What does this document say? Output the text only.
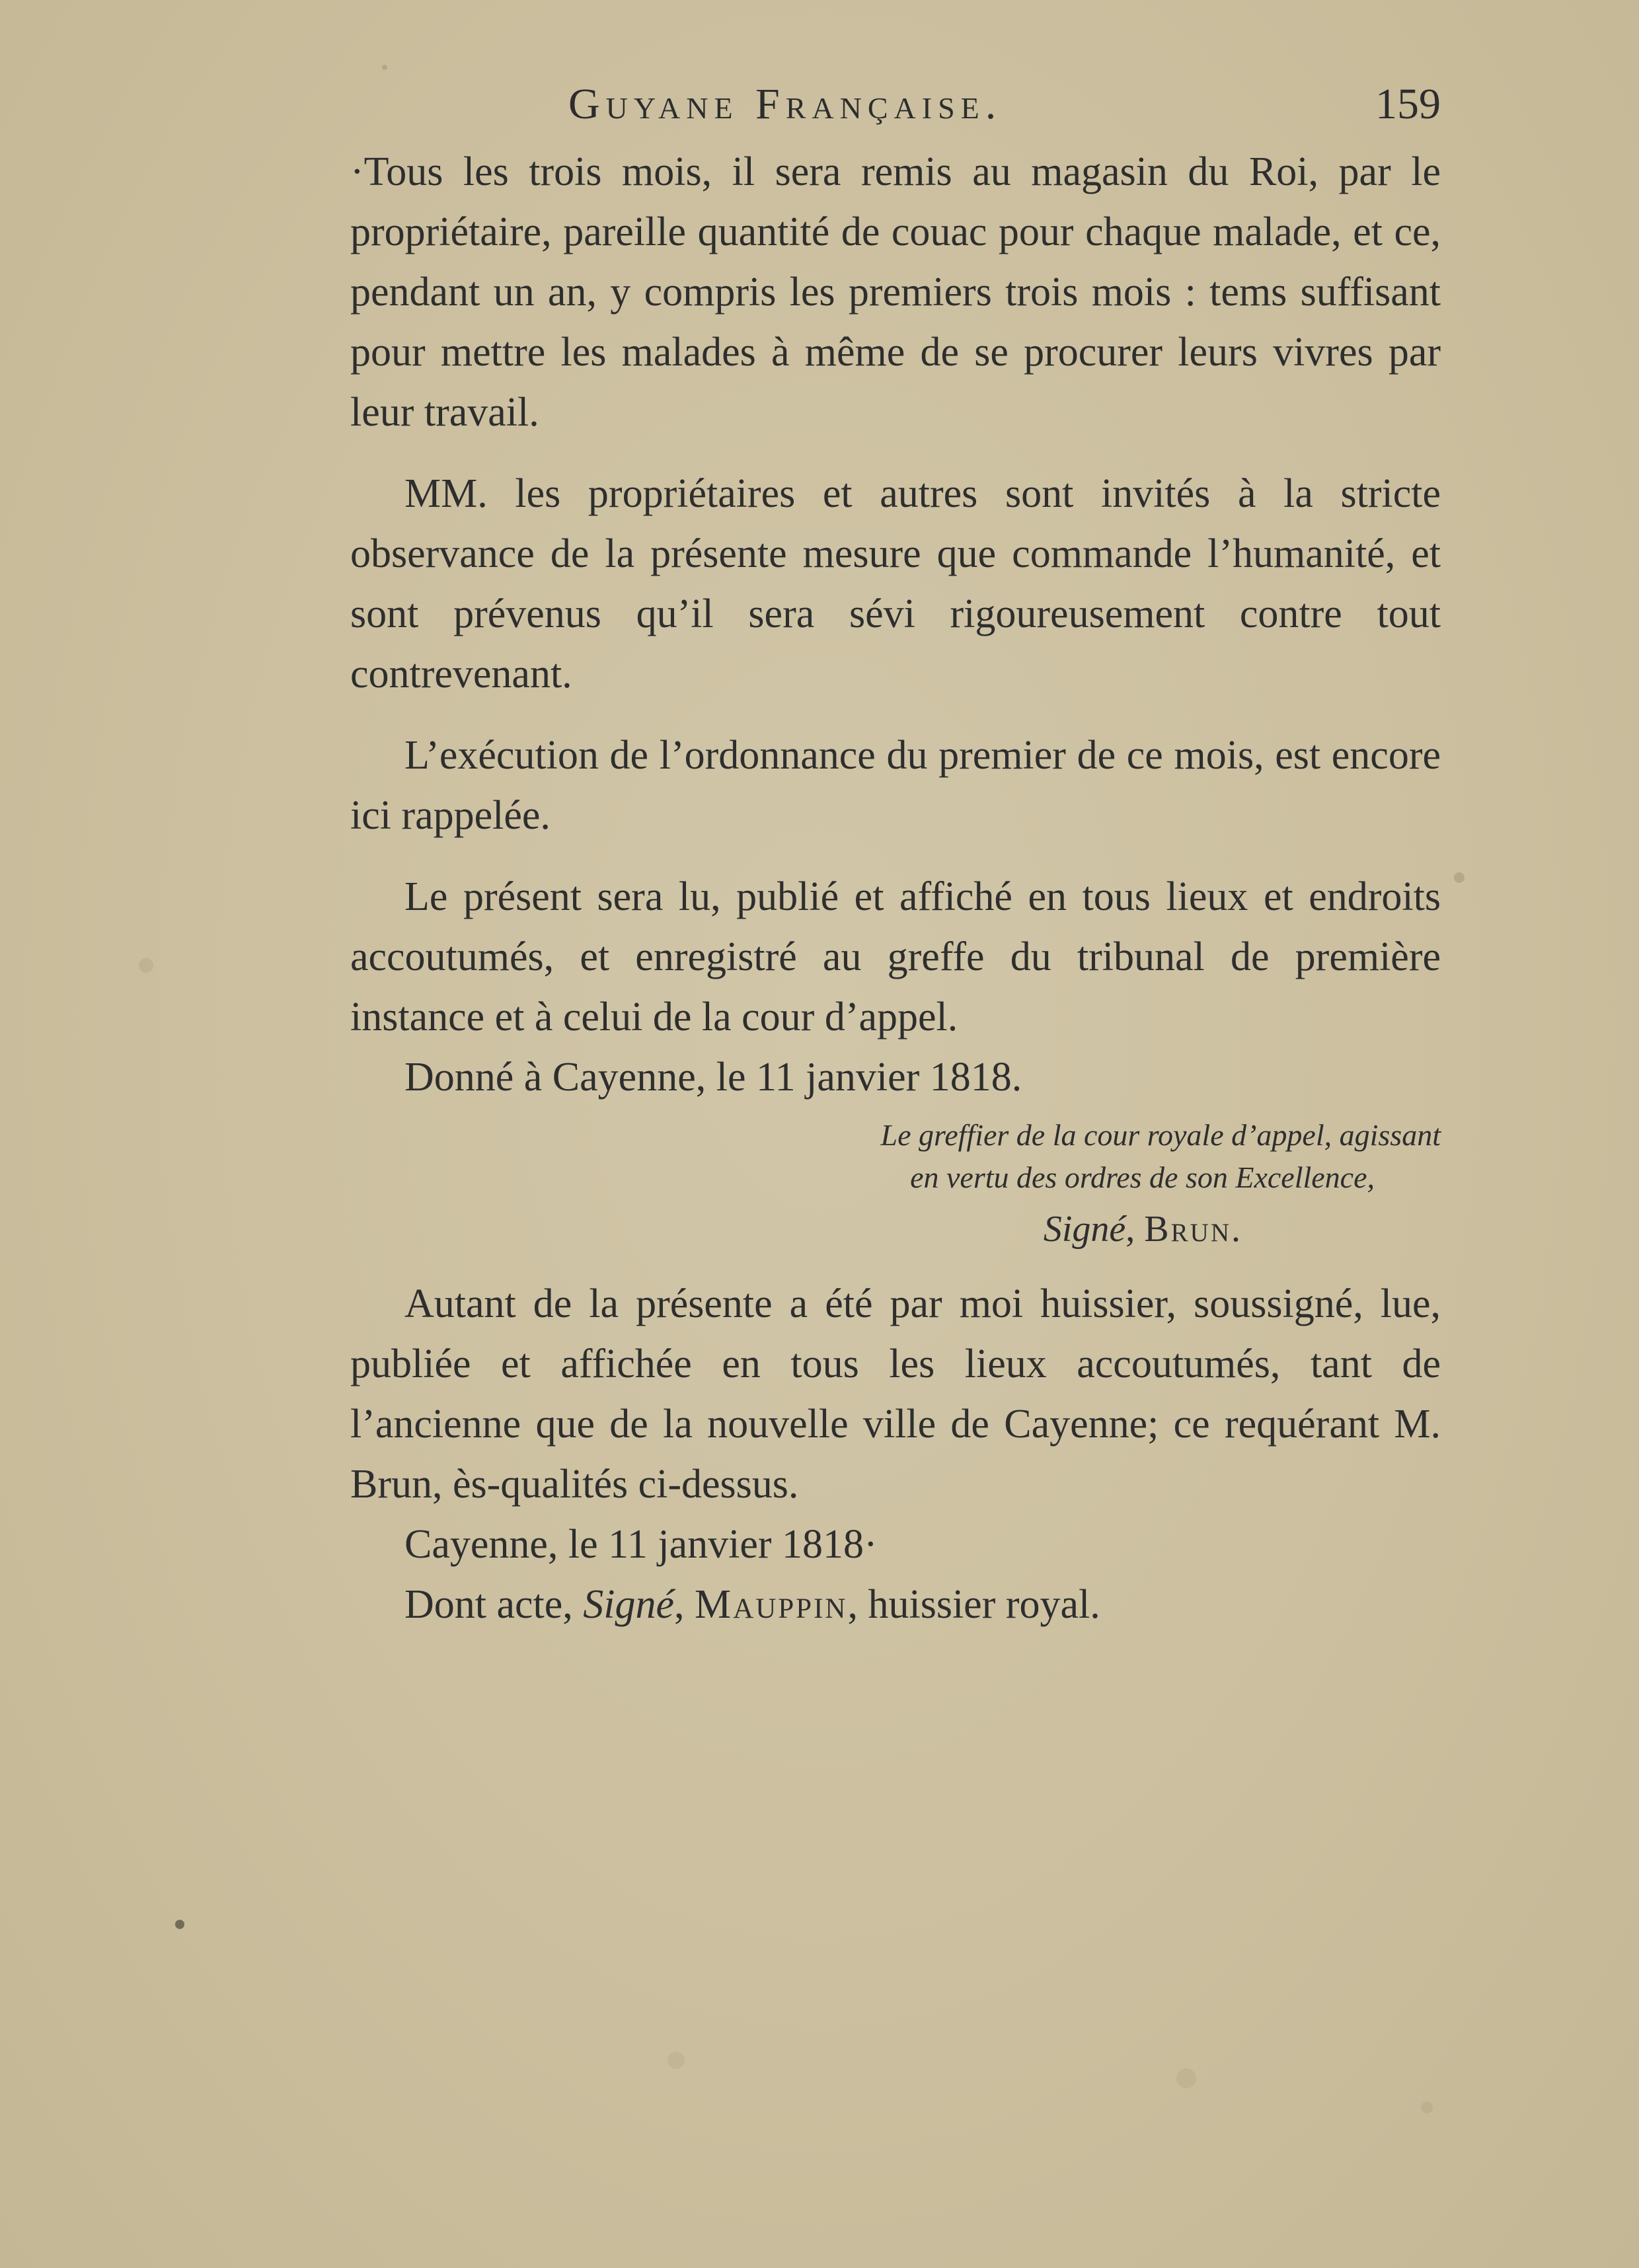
Guyane Française.	159

·Tous les trois mois, il sera remis au magasin du Roi, par le propriétaire, pareille quantité de couac pour chaque malade, et ce, pendant un an, y compris les premiers trois mois : tems suffisant pour mettre les malades à même de se procurer leurs vivres par leur travail.

MM. les propriétaires et autres sont invités à la stricte observance de la présente mesure que commande l’humanité, et sont prévenus qu’il sera sévi rigoureusement contre tout contrevenant.

L’exécution de l’ordonnance du premier de ce mois, est encore ici rappelée.

Le présent sera lu, publié et affiché en tous lieux et endroits accoutumés, et enregistré au greffe du tribunal de première instance et à celui de la cour d’appel.

Donné à Cayenne, le 11 janvier 1818.

Le greffier de la cour royale d’appel, agissant
en vertu des ordres de son Excellence,
Signé, Brun.

Autant de la présente a été par moi huissier, soussigné, lue, publiée et affichée en tous les lieux accoutumés, tant de l’ancienne que de la nouvelle ville de Cayenne; ce requérant M. Brun, ès-qualités ci-dessus.

Cayenne, le 11 janvier 1818·

Dont acte, Signé, Mauppin, huissier royal.
